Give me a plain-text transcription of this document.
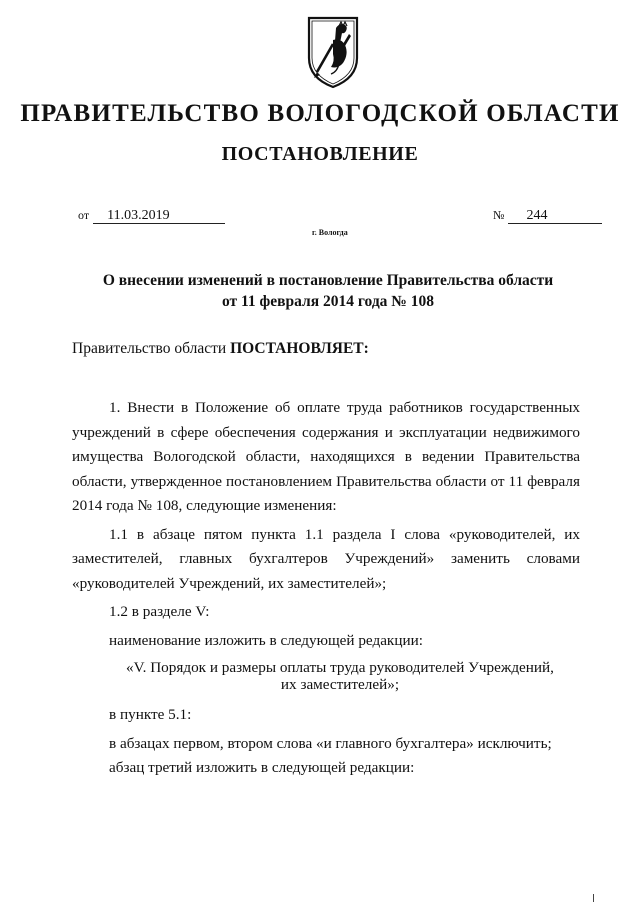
ПРАВИТЕЛЬСТВО ВОЛОГОДСКОЙ ОБЛАСТИ
ПОСТАНОВЛЕНИЕ
от 11.03.2019	№ 244
г. Вологда
О внесении изменений в постановление Правительства области
от 11 февраля 2014 года № 108

Правительство области ПОСТАНОВЛЯЕТ:

1. Внести в Положение об оплате труда работников государственных учреждений в сфере обеспечения содержания и эксплуатации недвижимого имущества Вологодской области, находящихся в ведении Правительства области, утвержденное постановлением Правительства области от 11 февраля 2014 года № 108, следующие изменения:

1.1 в абзаце пятом пункта 1.1 раздела I слова «руководителей, их заместителей, главных бухгалтеров Учреждений» заменить словами «руководителей Учреждений, их заместителей»;

1.2 в разделе V:

наименование изложить в следующей редакции:

«V. Порядок и размеры оплаты труда руководителей Учреждений,
их заместителей»;

в пункте 5.1:

в абзацах первом, втором слова «и главного бухгалтера» исключить;

абзац третий изложить в следующей редакции:
